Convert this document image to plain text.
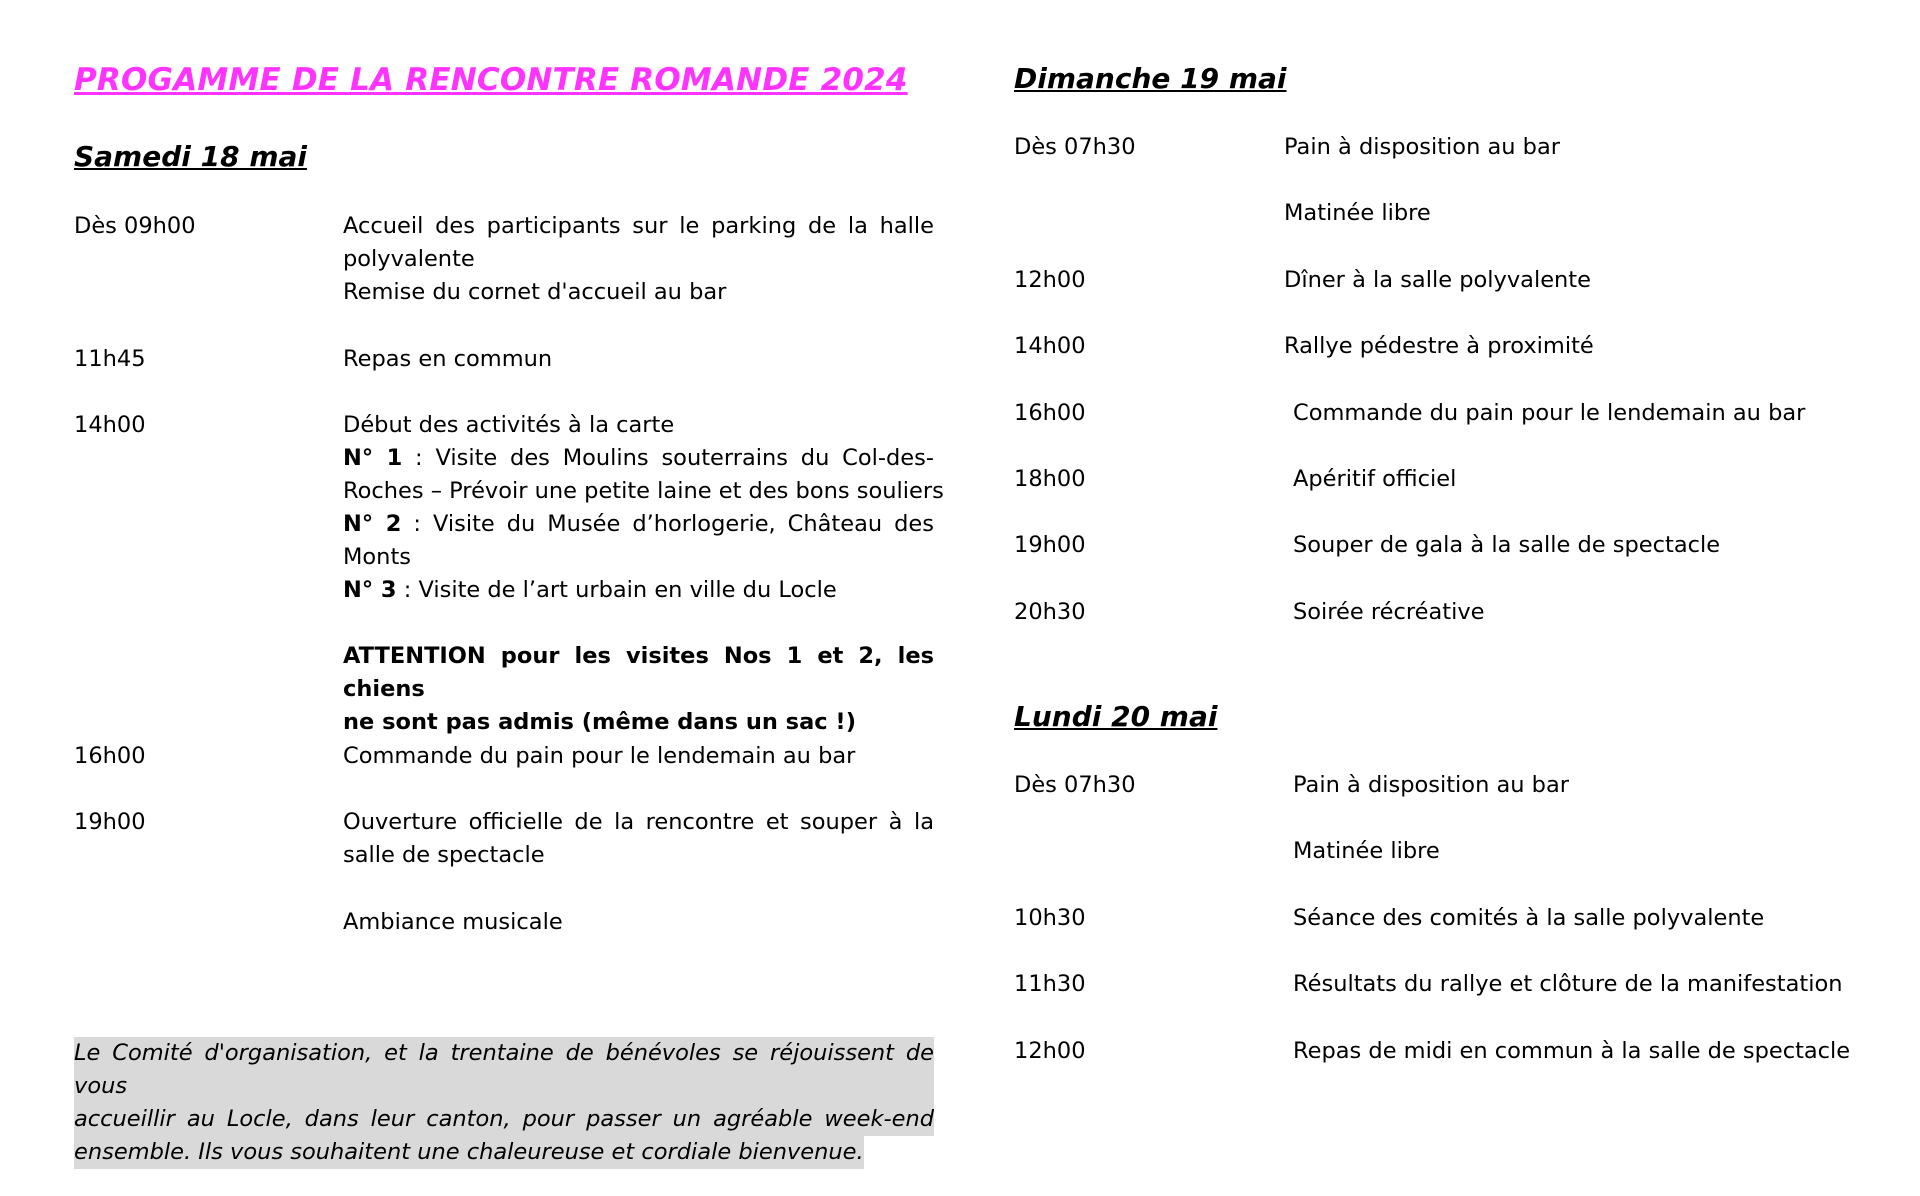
PROGAMME DE LA RENCONTRE ROMANDE 2024
Samedi 18 mai
Dès 09h00	Accueil des participants sur le parking de la halle
polyvalente
Remise du cornet d'accueil au bar
11h45	Repas en commun
14h00	Début des activités à la carte
N° 1 : Visite des Moulins souterrains du Col-des-
Roches – Prévoir une petite laine et des bons souliers
N° 2 : Visite du Musée d’horlogerie, Château des
Monts
N° 3 : Visite de l’art urbain en ville du Locle
ATTENTION pour les visites Nos 1 et 2, les chiens
ne sont pas admis (même dans un sac !)
16h00	Commande du pain pour le lendemain au bar
19h00	Ouverture officielle de la rencontre et souper à la
salle de spectacle
Ambiance musicale
Le Comité d'organisation, et la trentaine de bénévoles se réjouissent de vous
accueillir au Locle, dans leur canton, pour passer un agréable week-end
ensemble. Ils vous souhaitent une chaleureuse et cordiale bienvenue.
Dimanche 19 mai
Dès 07h30	Pain à disposition au bar
Matinée libre
12h00	Dîner à la salle polyvalente
14h00	Rallye pédestre à proximité
16h00	Commande du pain pour le lendemain au bar
18h00	Apéritif officiel
19h00	Souper de gala à la salle de spectacle
20h30	Soirée récréative
Lundi 20 mai
Dès 07h30	Pain à disposition au bar
Matinée libre
10h30	Séance des comités à la salle polyvalente
11h30	Résultats du rallye et clôture de la manifestation
12h00	Repas de midi en commun à la salle de spectacle
